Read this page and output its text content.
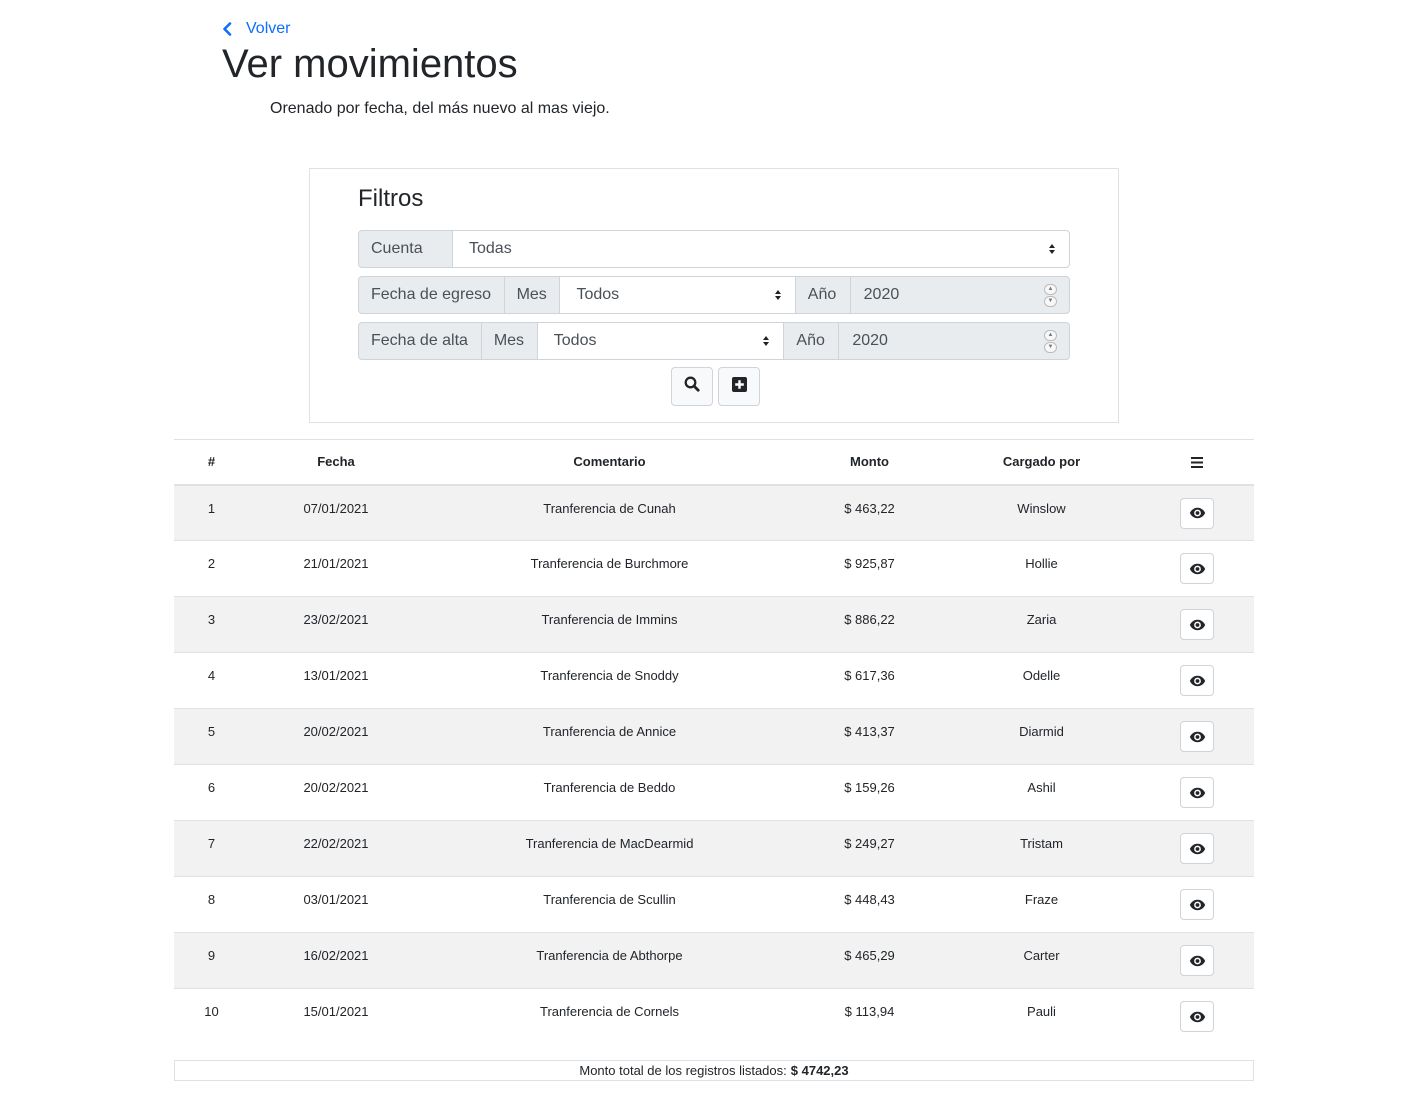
Volver
Ver movimientos

Orenado por fecha, del más nuevo al mas viejo.

Filtros
Cuenta	Todas
Fecha de egreso	Mes	Todos	Año	2020	▲
▼
Fecha de alta	Mes	Todos	Año	2020	▲
▼
#	Fecha	Comentario	Monto	Cargado por	
1	07/01/2021	Tranferencia de Cunah	$ 463,22	Winslow	

2	21/01/2021	Tranferencia de Burchmore	$ 925,87	Hollie	

3	23/02/2021	Tranferencia de Immins	$ 886,22	Zaria	

4	13/01/2021	Tranferencia de Snoddy	$ 617,36	Odelle	

5	20/02/2021	Tranferencia de Annice	$ 413,37	Diarmid	

6	20/02/2021	Tranferencia de Beddo	$ 159,26	Ashil	

7	22/02/2021	Tranferencia de MacDearmid	$ 249,27	Tristam	

8	03/01/2021	Tranferencia de Scullin	$ 448,43	Fraze	

9	16/02/2021	Tranferencia de Abthorpe	$ 465,29	Carter	

10	15/01/2021	Tranferencia de Cornels	$ 113,94	Pauli	
Monto total de los registros listados: $ 4742,23
